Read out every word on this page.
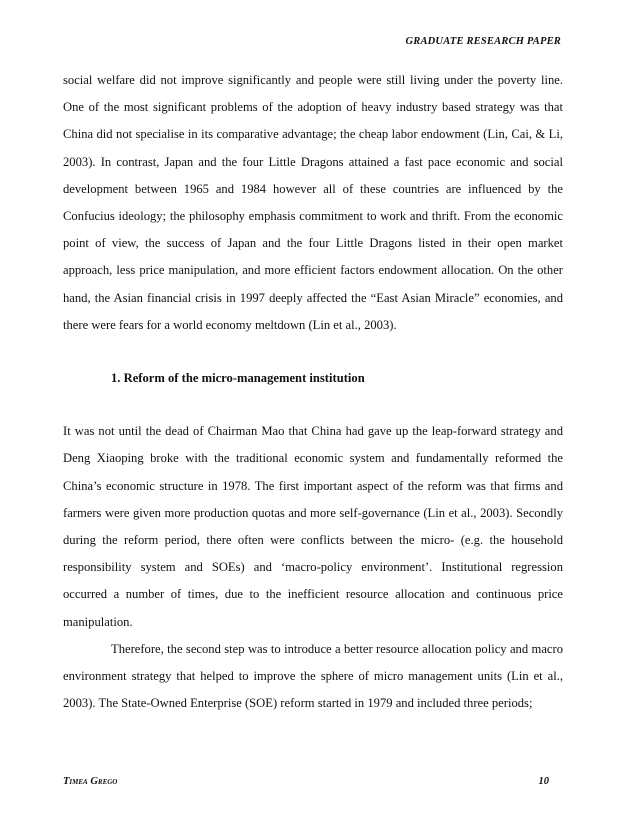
GRADUATE RESEARCH PAPER

social welfare did not improve significantly and people were still living under the poverty line. One of the most significant problems of the adoption of heavy industry based strategy was that China did not specialise in its comparative advantage; the cheap labor endowment (Lin, Cai, & Li, 2003). In contrast, Japan and the four Little Dragons attained a fast pace economic and social development between 1965 and 1984 however all of these countries are influenced by the Confucius ideology; the philosophy emphasis commitment to work and thrift. From the economic point of view, the success of Japan and the four Little Dragons listed in their open market approach, less price manipulation, and more efficient factors endowment allocation. On the other hand, the Asian financial crisis in 1997 deeply affected the “East Asian Miracle” economies, and there were fears for a world economy meltdown (Lin et al., 2003).

1. Reform of the micro-management institution

It was not until the dead of Chairman Mao that China had gave up the leap-forward strategy and Deng Xiaoping broke with the traditional economic system and fundamentally reformed the China’s economic structure in 1978. The first important aspect of the reform was that firms and farmers were given more production quotas and more self-governance (Lin et al., 2003). Secondly during the reform period, there often were conflicts between the micro- (e.g. the household responsibility system and SOEs) and ‘macro-policy environment’. Institutional regression occurred a number of times, due to the inefficient resource allocation and continuous price manipulation.

Therefore, the second step was to introduce a better resource allocation policy and macro environment strategy that helped to improve the sphere of micro management units (Lin et al., 2003). The State-Owned Enterprise (SOE) reform started in 1979 and included three periods;

Timea Grego	10
